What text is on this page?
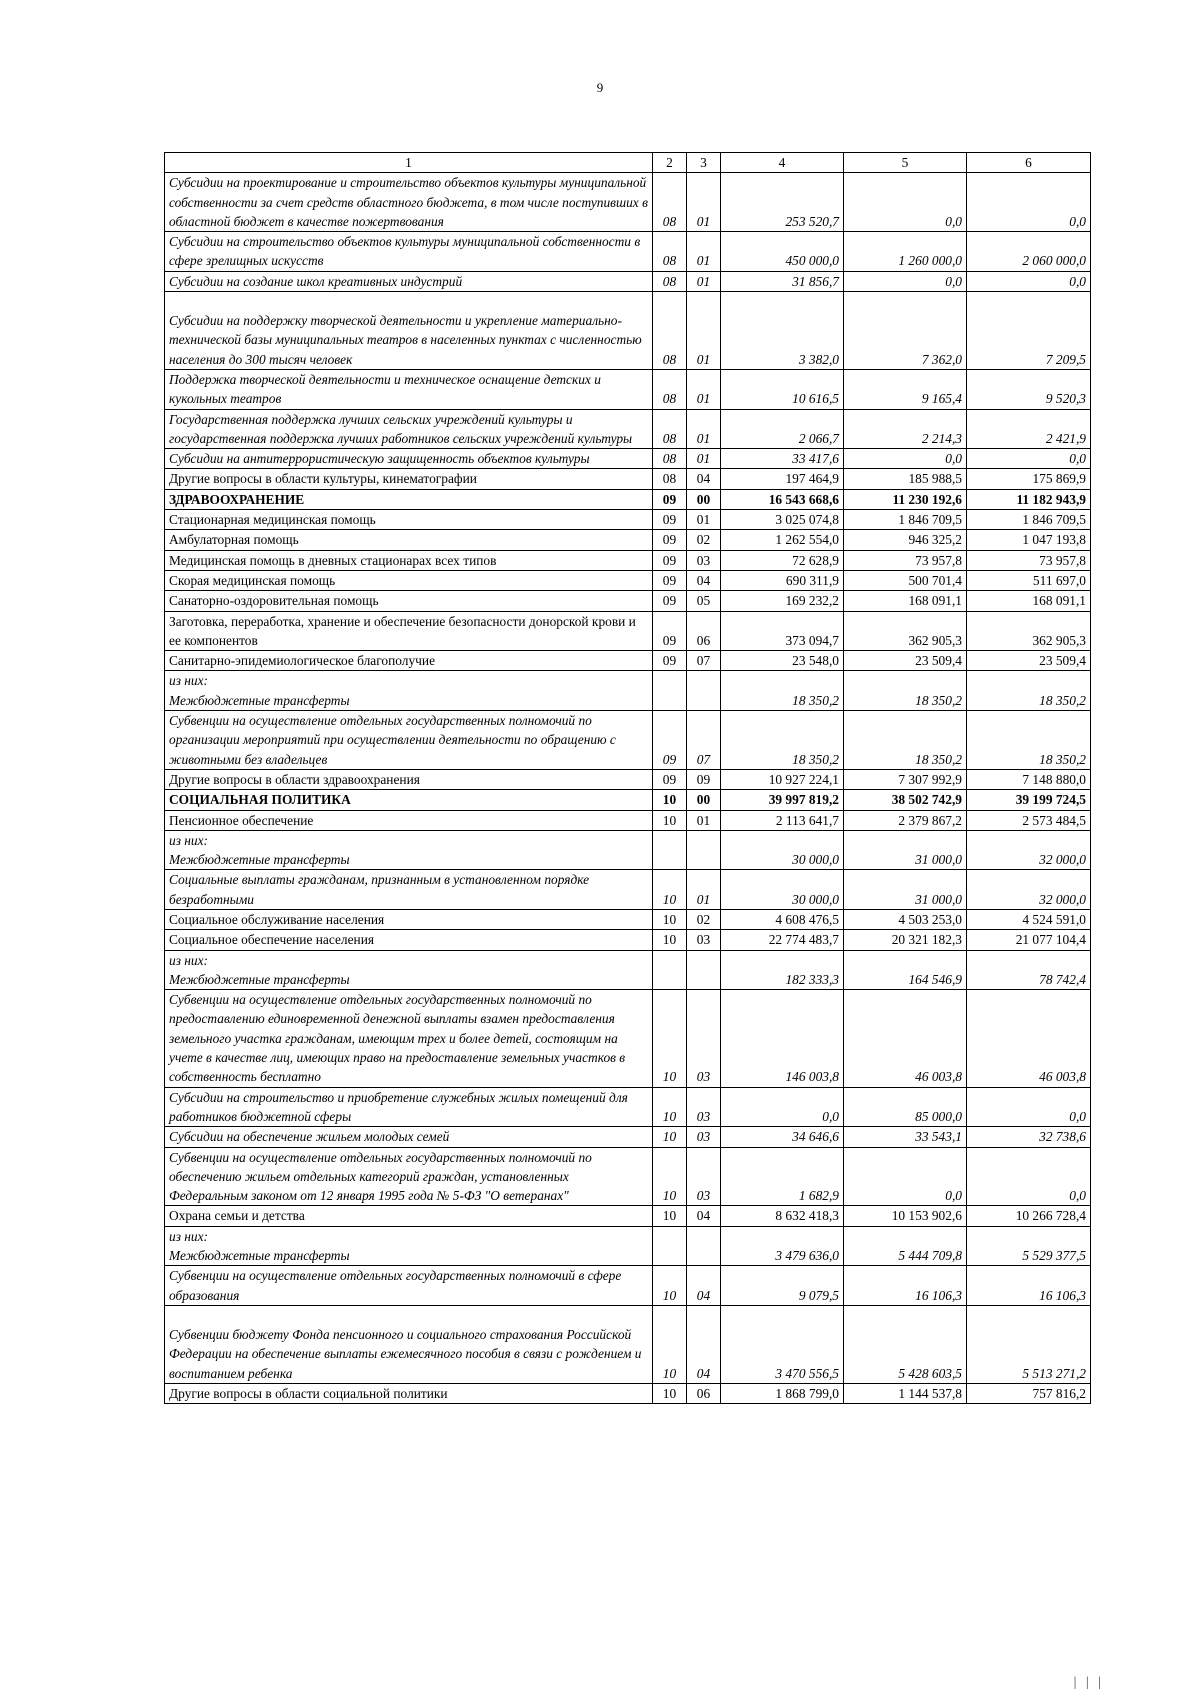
9
1	2	3	4	5	6
Субсидии на проектирование и строительство объектов культуры муниципальной собственности за счет средств областного бюджета, в том числе поступивших в областной бюджет в качестве пожертвования	08	01	253 520,7	0,0	0,0
Субсидии на строительство объектов культуры муниципальной собственности в сфере зрелищных искусств	08	01	450 000,0	1 260 000,0	2 060 000,0
Субсидии на создание школ креативных индустрий	08	01	31 856,7	0,0	0,0
Субсидии на поддержку творческой деятельности и укрепление материально-технической базы муниципальных театров в населенных пунктах с численностью населения до 300 тысяч человек	08	01	3 382,0	7 362,0	7 209,5
Поддержка творческой деятельности и техническое оснащение детских и кукольных театров	08	01	10 616,5	9 165,4	9 520,3
Государственная поддержка лучших сельских учреждений культуры и государственная поддержка лучших работников сельских учреждений культуры	08	01	2 066,7	2 214,3	2 421,9
Субсидии на антитеррористическую защищенность объектов культуры	08	01	33 417,6	0,0	0,0
Другие вопросы в области культуры, кинематографии	08	04	197 464,9	185 988,5	175 869,9
ЗДРАВООХРАНЕНИЕ	09	00	16 543 668,6	11 230 192,6	11 182 943,9
Стационарная медицинская помощь	09	01	3 025 074,8	1 846 709,5	1 846 709,5
Амбулаторная помощь	09	02	1 262 554,0	946 325,2	1 047 193,8
Медицинская помощь в дневных стационарах всех типов	09	03	72 628,9	73 957,8	73 957,8
Скорая медицинская помощь	09	04	690 311,9	500 701,4	511 697,0
Санаторно-оздоровительная помощь	09	05	169 232,2	168 091,1	168 091,1
Заготовка, переработка, хранение и обеспечение безопасности донорской крови и ее компонентов	09	06	373 094,7	362 905,3	362 905,3
Санитарно-эпидемиологическое благополучие	09	07	23 548,0	23 509,4	23 509,4
из них:
Межбюджетные трансферты			18 350,2	18 350,2	18 350,2
Субвенции на осуществление отдельных государственных полномочий по организации мероприятий при осуществлении деятельности по обращению с животными без владельцев	09	07	18 350,2	18 350,2	18 350,2
Другие вопросы в области здравоохранения	09	09	10 927 224,1	7 307 992,9	7 148 880,0
СОЦИАЛЬНАЯ ПОЛИТИКА	10	00	39 997 819,2	38 502 742,9	39 199 724,5
Пенсионное обеспечение	10	01	2 113 641,7	2 379 867,2	2 573 484,5
из них:
Межбюджетные трансферты			30 000,0	31 000,0	32 000,0
Социальные выплаты гражданам, признанным в установленном порядке безработными	10	01	30 000,0	31 000,0	32 000,0
Социальное обслуживание населения	10	02	4 608 476,5	4 503 253,0	4 524 591,0
Социальное обеспечение населения	10	03	22 774 483,7	20 321 182,3	21 077 104,4
из них:
Межбюджетные трансферты			182 333,3	164 546,9	78 742,4
Субвенции на осуществление отдельных государственных полномочий по предоставлению единовременной денежной выплаты взамен предоставления земельного участка гражданам, имеющим трех и более детей, состоящим на учете в качестве лиц, имеющих право на предоставление земельных участков в собственность бесплатно	10	03	146 003,8	46 003,8	46 003,8
Субсидии на строительство и приобретение служебных жилых помещений для работников бюджетной сферы	10	03	0,0	85 000,0	0,0
Субсидии на обеспечение жильем молодых семей	10	03	34 646,6	33 543,1	32 738,6
Субвенции на осуществление отдельных государственных полномочий по обеспечению жильем отдельных категорий граждан, установленных Федеральным законом от 12 января 1995 года № 5-ФЗ "О ветеранах"	10	03	1 682,9	0,0	0,0
Охрана семьи и детства	10	04	8 632 418,3	10 153 902,6	10 266 728,4
из них:
Межбюджетные трансферты			3 479 636,0	5 444 709,8	5 529 377,5
Субвенции на осуществление отдельных государственных полномочий в сфере образования	10	04	9 079,5	16 106,3	16 106,3
Субвенции бюджету Фонда пенсионного и социального страхования Российской Федерации на обеспечение выплаты ежемесячного пособия в связи с рождением и воспитанием ребенка	10	04	3 470 556,5	5 428 603,5	5 513 271,2
Другие вопросы в области социальной политики	10	06	1 868 799,0	1 144 537,8	757 816,2
| | |
